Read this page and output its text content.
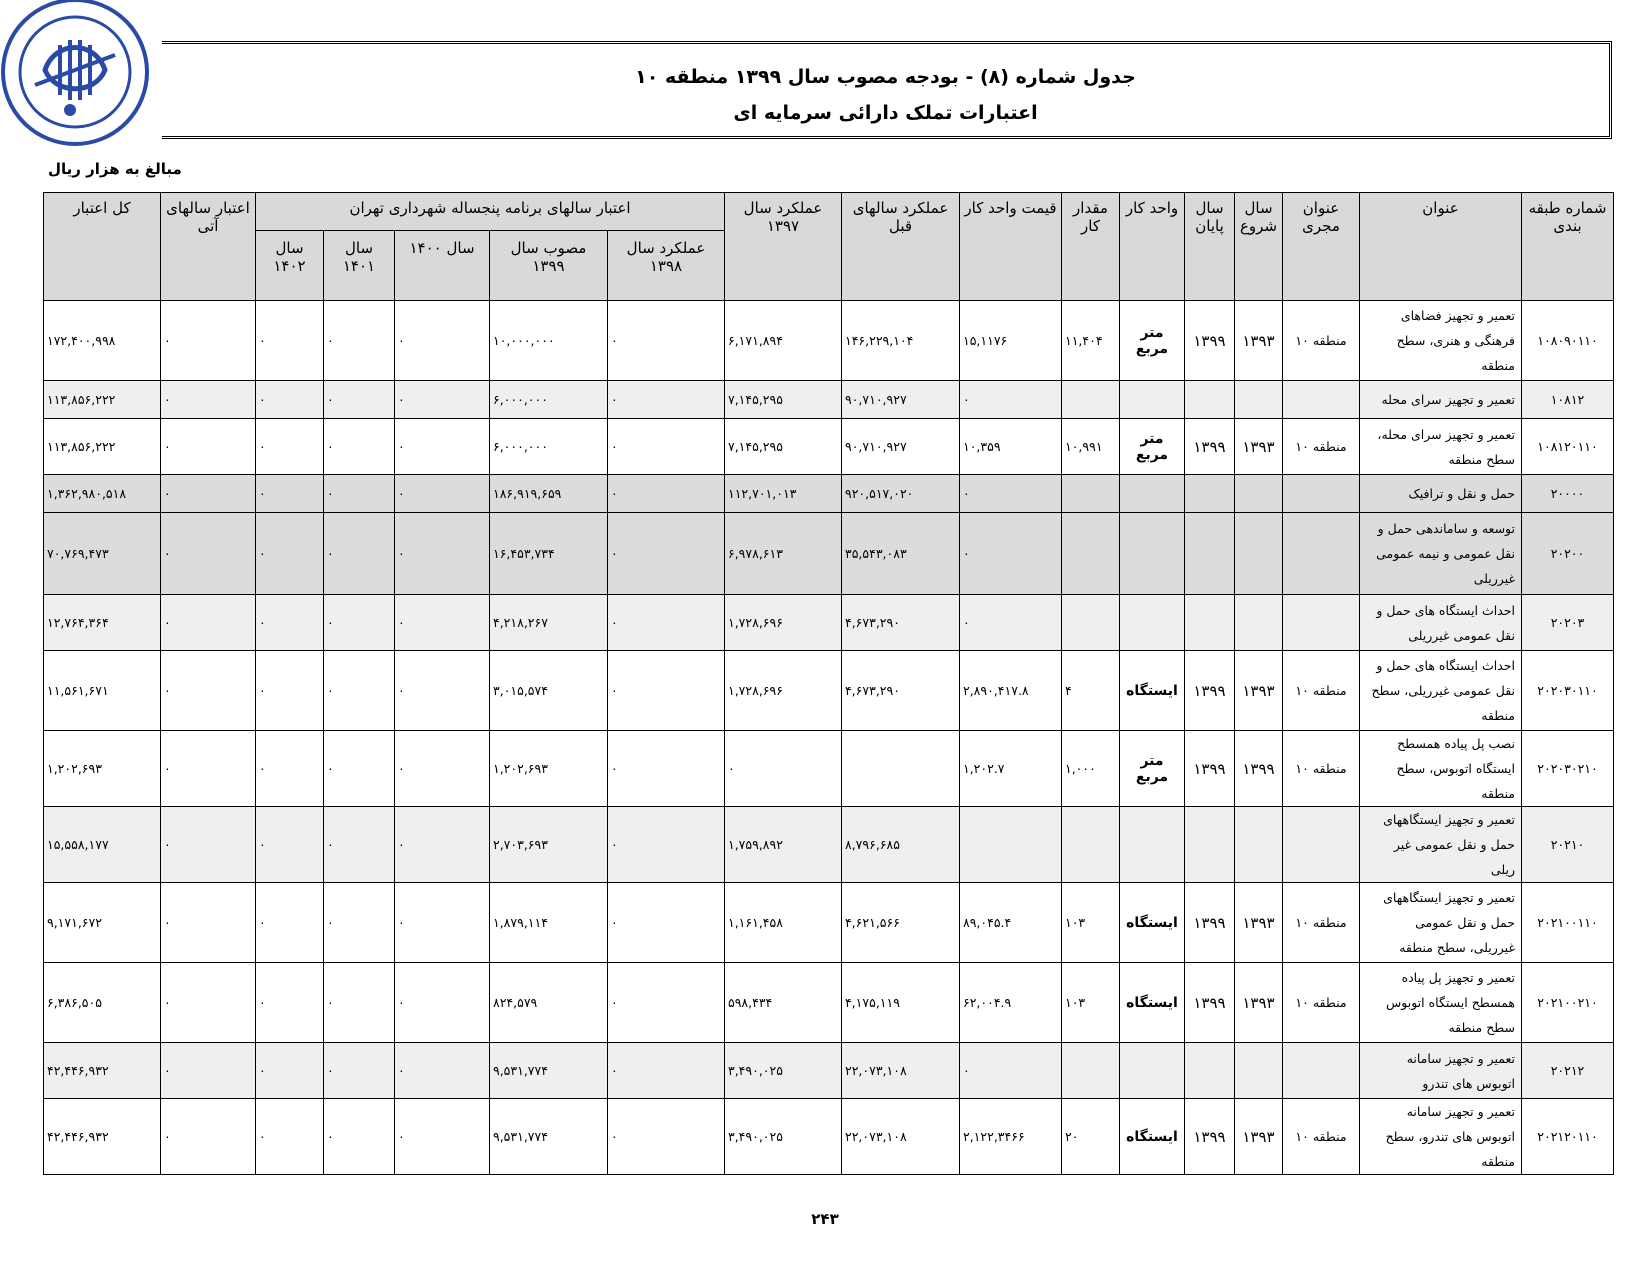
جدول شماره (۸) - بودجه مصوب سال ۱۳۹۹ منطقه ۱۰
اعتبارات تملک دارائی سرمایه ای
مبالغ به هزار ریال
کل اعتبار	اعتبار سالهای آتی	اعتبار سالهای برنامه پنجساله شهرداری تهران					عملکرد سال ۱۳۹۷	عملکرد سالهای قبل	قیمت واحد کار	مقدار کار	واحد کار	سال پایان	سال شروع	عنوان مجری	عنوان	شماره طبقه بندی
		سال ۱۴۰۲	سال ۱۴۰۱	سال ۱۴۰۰	مصوب سال ۱۳۹۹	عملکرد سال ۱۳۹۸										
۱۷۲,۴۰۰,۹۹۸	۰	۰	۰	۰	۱۰,۰۰۰,۰۰۰	۰	۶,۱۷۱,۸۹۴	۱۴۶,۲۲۹,۱۰۴	۱۵,۱۱۷۶	۱۱,۴۰۴	متر مربع	۱۳۹۹	۱۳۹۳	منطقه ۱۰	تعمیر و تجهیز فضاهای فرهنگی و هنری، سطح منطقه	۱۰۸۰۹۰۱۱۰
۱۱۳,۸۵۶,۲۲۲	۰	۰	۰	۰	۶,۰۰۰,۰۰۰	۰	۷,۱۴۵,۲۹۵	۹۰,۷۱۰,۹۲۷	۰						تعمیر و تجهیز سرای محله	۱۰۸۱۲
۱۱۳,۸۵۶,۲۲۲	۰	۰	۰	۰	۶,۰۰۰,۰۰۰	۰	۷,۱۴۵,۲۹۵	۹۰,۷۱۰,۹۲۷	۱۰,۳۵۹	۱۰,۹۹۱	متر مربع	۱۳۹۹	۱۳۹۳	منطقه ۱۰	تعمیر و تجهیز سرای محله، سطح منطقه	۱۰۸۱۲۰۱۱۰
۱,۳۶۲,۹۸۰,۵۱۸	۰	۰	۰	۰	۱۸۶,۹۱۹,۶۵۹	۰	۱۱۲,۷۰۱,۰۱۳	۹۲۰,۵۱۷,۰۲۰	۰						حمل و نقل و ترافیک	۲۰۰۰۰
۷۰,۷۶۹,۴۷۳	۰	۰	۰	۰	۱۶,۴۵۳,۷۳۴	۰	۶,۹۷۸,۶۱۳	۳۵,۵۴۳,۰۸۳	۰						توسعه و ساماندهی حمل و نقل عمومی و نیمه عمومی غیرریلی	۲۰۲۰۰
۱۲,۷۶۴,۳۶۴	۰	۰	۰	۰	۴,۲۱۸,۲۶۷	۰	۱,۷۲۸,۶۹۶	۴,۶۷۳,۲۹۰	۰						احداث ایستگاه های حمل و نقل عمومی غیرریلی	۲۰۲۰۳
۱۱,۵۶۱,۶۷۱	۰	۰	۰	۰	۳,۰۱۵,۵۷۴	۰	۱,۷۲۸,۶۹۶	۴,۶۷۳,۲۹۰	۲,۸۹۰,۴۱۷.۸	۴	ایستگاه	۱۳۹۹	۱۳۹۳	منطقه ۱۰	احداث ایستگاه های حمل و نقل عمومی غیرریلی، سطح منطقه	۲۰۲۰۳۰۱۱۰
۱,۲۰۲,۶۹۳	۰	۰	۰	۰	۱,۲۰۲,۶۹۳	۰	۰		۱,۲۰۲.۷	۱,۰۰۰	متر مربع	۱۳۹۹	۱۳۹۹	منطقه ۱۰	نصب پل پیاده همسطح ایستگاه اتوبوس، سطح منطقه	۲۰۲۰۳۰۲۱۰
۱۵,۵۵۸,۱۷۷	۰	۰	۰	۰	۲,۷۰۳,۶۹۳	۰	۱,۷۵۹,۸۹۲	۸,۷۹۶,۶۸۵							تعمیر و تجهیز ایستگاههای حمل و نقل عمومی غیر ریلی	۲۰۲۱۰
۹,۱۷۱,۶۷۲	۰	۰	۰	۰	۱,۸۷۹,۱۱۴	۰	۱,۱۶۱,۴۵۸	۴,۶۲۱,۵۶۶	۸۹,۰۴۵.۴	۱۰۳	ایستگاه	۱۳۹۹	۱۳۹۳	منطقه ۱۰	تعمیر و تجهیز ایستگاههای حمل و نقل عمومی غیرریلی، سطح منطقه	۲۰۲۱۰۰۱۱۰
۶,۳۸۶,۵۰۵	۰	۰	۰	۰	۸۲۴,۵۷۹	۰	۵۹۸,۴۳۴	۴,۱۷۵,۱۱۹	۶۲,۰۰۴.۹	۱۰۳	ایستگاه	۱۳۹۹	۱۳۹۳	منطقه ۱۰	تعمیر و تجهیز پل پیاده همسطح ایستگاه اتوبوس سطح منطقه	۲۰۲۱۰۰۲۱۰
۴۲,۴۴۶,۹۳۲	۰	۰	۰	۰	۹,۵۳۱,۷۷۴	۰	۳,۴۹۰,۰۲۵	۲۲,۰۷۳,۱۰۸	۰						تعمیر و تجهیز سامانه اتوبوس های تندرو	۲۰۲۱۲
۴۲,۴۴۶,۹۳۲	۰	۰	۰	۰	۹,۵۳۱,۷۷۴	۰	۳,۴۹۰,۰۲۵	۲۲,۰۷۳,۱۰۸	۲,۱۲۲,۳۴۶۶	۲۰	ایستگاه	۱۳۹۹	۱۳۹۳	منطقه ۱۰	تعمیر و تجهیز سامانه اتوبوس های تندرو، سطح منطقه	۲۰۲۱۲۰۱۱۰
۲۴۳
